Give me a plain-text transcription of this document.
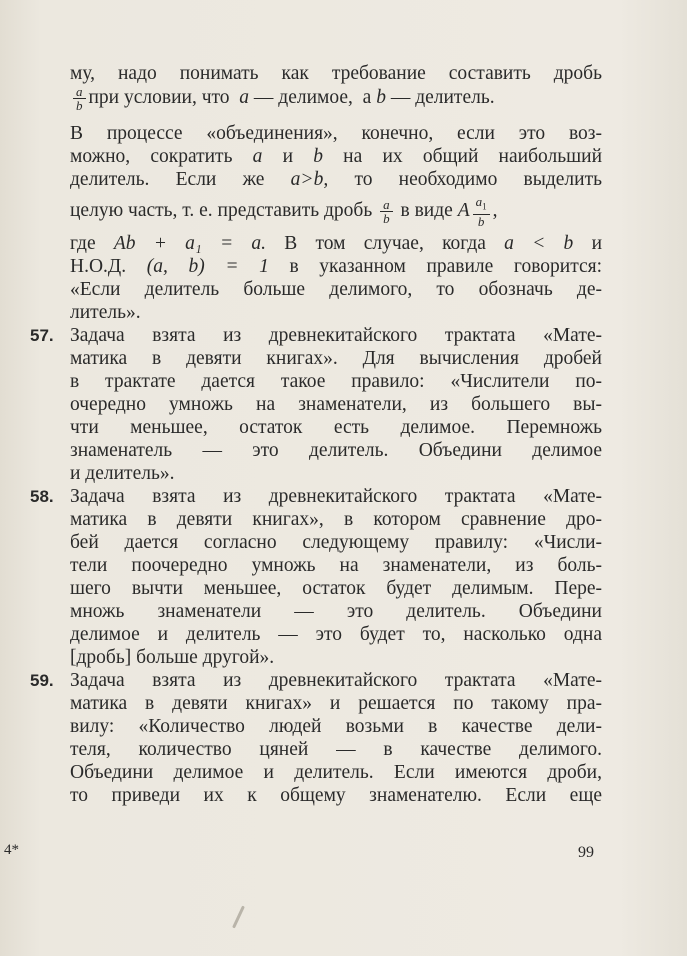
му, надо понимать как требование составить дробь
$\frac{a}{b}$ при условии, что a — делимое, а b — делитель.
В процессе «объединения», конечно, если это воз-
можно, сократить a и b на их общий наибольший
делитель. Если же a>b, то необходимо выделить
целую часть, т. е. представить дробь $\frac{a}{b}$ в виде A $\frac{a_1}{b}$ ,
где Ab + a₁ = a. В том случае, когда a < b и
Н.О.Д. (a, b) = 1 в указанном правиле говорится:
«Если делитель больше делимого, то обозначь де-
литель».
57. Задача взята из древнекитайского трактата «Мате-
матика в девяти книгах». Для вычисления дробей
в трактате дается такое правило: «Числители по-
очередно умножь на знаменатели, из большего вы-
чти меньшее, остаток есть делимое. Перемножь
знаменатель — это делитель. Объедини делимое
и делитель».
58. Задача взята из древнекитайского трактата «Мате-
матика в девяти книгах», в котором сравнение дро-
бей дается согласно следующему правилу: «Числи-
тели поочередно умножь на знаменатели, из боль-
шего вычти меньшее, остаток будет делимым. Пере-
множь знаменатели — это делитель. Объедини
делимое и делитель — это будет то, насколько одна
[дробь] больше другой».
59. Задача взята из древнекитайского трактата «Мате-
матика в девяти книгах» и решается по такому пра-
вилу: «Количество людей возьми в качестве дели-
теля, количество цяней — в качестве делимого.
Объедини делимое и делитель. Если имеются дроби,
то приведи их к общему знаменателю. Если еще
4*	99
